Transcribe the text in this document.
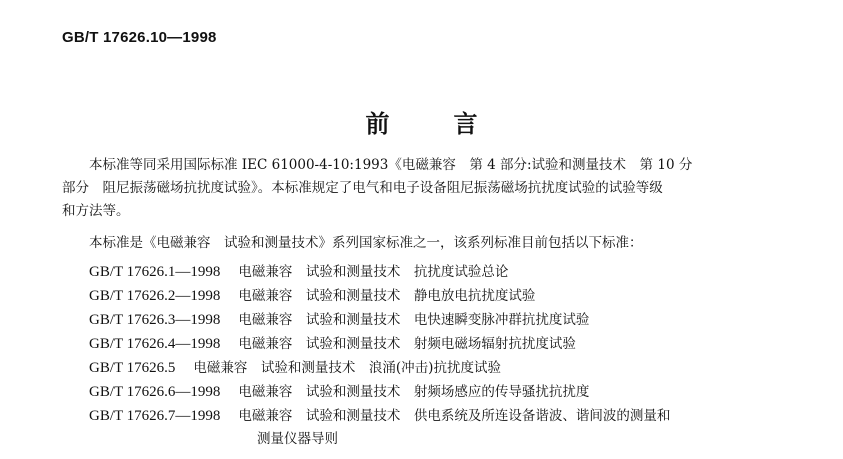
GB/T 17626.10—1998
前言
本标准等同采用国际标准 IEC 61000-4-10:1993《电磁兼容　第 4 部分:试验和测量技术　第 10 分
部分　阻尼振荡磁场抗扰度试验》。本标准规定了电气和电子设备阻尼振荡磁场抗扰度试验的试验等级
和方法等。
本标准是《电磁兼容　试验和测量技术》系列国家标准之一，该系列标准目前包括以下标准：
GB/T 17626.1—1998 电磁兼容　试验和测量技术　抗扰度试验总论
GB/T 17626.2—1998 电磁兼容　试验和测量技术　静电放电抗扰度试验
GB/T 17626.3—1998 电磁兼容　试验和测量技术　电快速瞬变脉冲群抗扰度试验
GB/T 17626.4—1998 电磁兼容　试验和测量技术　射频电磁场辐射抗扰度试验
GB/T 17626.5 电磁兼容　试验和测量技术　浪涌(冲击)抗扰度试验
GB/T 17626.6—1998 电磁兼容　试验和测量技术　射频场感应的传导骚扰抗扰度
GB/T 17626.7—1998 电磁兼容　试验和测量技术　供电系统及所连设备谐波、谐间波的测量和
测量仪器导则
